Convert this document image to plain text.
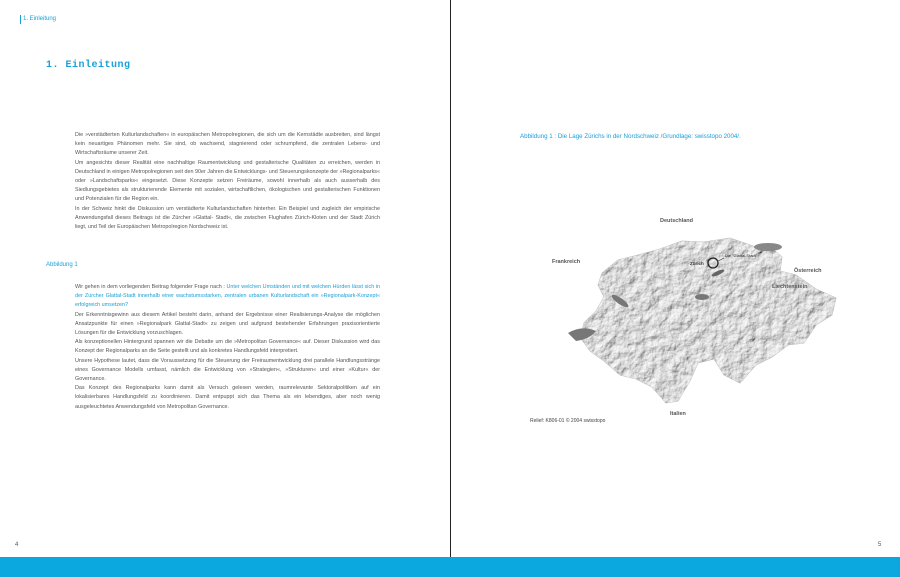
1. Einleitung
1. Einleitung

Die »verstädterten Kulturlandschaften« in europäischen Metropolregionen, die sich um die Kernstädte ausbreiten, sind längst kein neuartiges Phänomen mehr. Sie sind, ob wachsend, stagnierend oder schrumpfend, die zentralen Lebens- und Wirtschaftsräume unserer Zeit.

Um angesichts dieser Realität eine nachhaltige Raumentwicklung und gestalterische Qualitäten zu erreichen, werden in Deutschland in einigen Metropolregionen seit den 90er Jahren die Entwicklungs- und Steuerungskonzepte der »Regionalparks« oder »Landschaftsparks« eingesetzt. Diese Konzepte setzen Freiräume, sowohl innerhalb als auch ausserhalb des Siedlungsgebietes als strukturierende Elemente mit sozialen, wirtschaftlichen, ökologischen und gestalterischen Funktionen und Potenzialen für die Region ein.

In der Schweiz hinkt die Diskussion um verstädterte Kulturlandschaften hinterher. Ein Beispiel und zugleich der empirische Anwendungsfall dieses Beitrags ist die Zürcher »Glattal- Stadt«, die zwischen Flughafen Zürich-Kloten und der Stadt Zürich liegt, und Teil der Europäischen Metropolregion Nordschweiz ist.

Abbildung 1

Wir gehen in dem vorliegenden Beitrag folgender Frage nach : Unter welchen Umständen und mit welchen Hürden lässt sich in der Zürcher Glattal-Stadt innerhalb einer wachstumsstarken, zentralen urbanen Kulturlandschaft ein »Regionalpark-Konzept« erfolgreich umsetzen?

Der Erkenntnisgewinn aus diesem Artikel besteht darin, anhand der Ergebnisse einer Realisierungs-Analyse die möglichen Ansatzpunkte für einen »Regionalpark Glattal-Stadt« zu zeigen und aufgrund bestehender Erfahrungen praxisorientierte Lösungen für die Entwicklung vorzuschlagen.

Als konzeptionellen Hintergrund spannen wir die Debatte um die »Metropolitan Governance« auf. Dieser Diskussion wird das Konzept der Regionalparks an die Seite gestellt und als konkretes Handlungsfeld interpretiert.

Unsere Hypothese lautet, dass die Voraussetzung für die Steuerung der Freiraumentwicklung drei parallele Handlungsstränge eines Governance Modells umfasst, nämlich die Entwicklung von »Strategien«, »Strukturen« und einer »Kultur« der Governance.

Das Konzept des Regionalparks kann damit als Versuch gelesen werden, raumrelevante Sektoralpolitiken auf ein lokalisierbares Handlungsfeld zu koordinieren. Damit entpuppt sich das Thema als ein lebendiges, aber noch wenig ausgeleuchtetes Anwendungsfeld von Metropolitan Governance.

4
Abbildung 1 : Die Lage Zürichs in der Nordschweiz /Grundlage: swisstopo 2004/.
Deutschland
Frankreich
Österreich
Liechtenstein
Italien
Zürich
Die "Glattal-Stadt"
Relief: K806-01 © 2004 swisstopo
5
